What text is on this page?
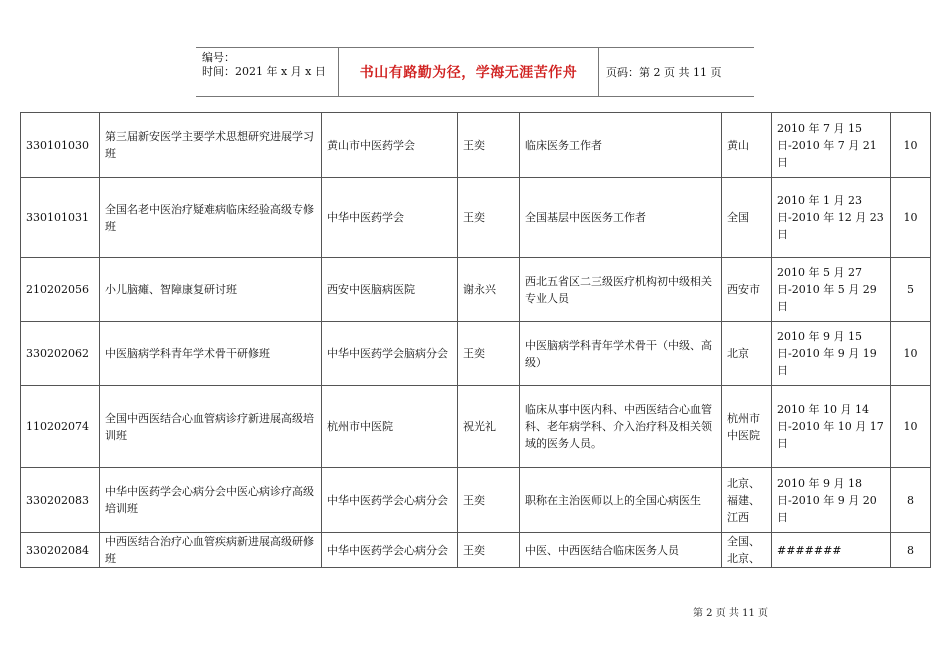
编号：
时间：2021 年 x 月 x 日	书山有路勤为径，学海无涯苦作舟	页码：第 2 页 共 11 页
330101030	第三届新安医学主要学术思想研究进展学习班	黄山市中医药学会	王奕	临床医务工作者	黄山	2010 年 7 月 15 日-2010 年 7 月 21 日	10
330101031	全国名老中医治疗疑难病临床经验高级专修班	中华中医药学会	王奕	全国基层中医医务工作者	全国	2010 年 1 月 23 日-2010 年 12 月 23 日	10
210202056	小儿脑瘫、智障康复研讨班	西安中医脑病医院	谢永兴	西北五省区二三级医疗机构初中级相关专业人员	西安市	2010 年 5 月 27 日-2010 年 5 月 29 日	5
330202062	中医脑病学科青年学术骨干研修班	中华中医药学会脑病分会	王奕	中医脑病学科青年学术骨干（中级、高级）	北京	2010 年 9 月 15 日-2010 年 9 月 19 日	10
110202074	全国中西医结合心血管病诊疗新进展高级培训班	杭州市中医院	祝光礼	临床从事中医内科、中西医结合心血管科、老年病学科、介入治疗科及相关领域的医务人员。	杭州市中医院	2010 年 10 月 14 日-2010 年 10 月 17 日	10
330202083	中华中医药学会心病分会中医心病诊疗高级培训班	中华中医药学会心病分会	王奕	职称在主治医师以上的全国心病医生	北京、福建、江西	2010 年 9 月 18 日-2010 年 9 月 20 日	8
330202084	中西医结合治疗心血管疾病新进展高级研修班	中华中医药学会心病分会	王奕	中医、中西医结合临床医务人员	全国、北京、	#######	8
第 2 页 共 11 页
